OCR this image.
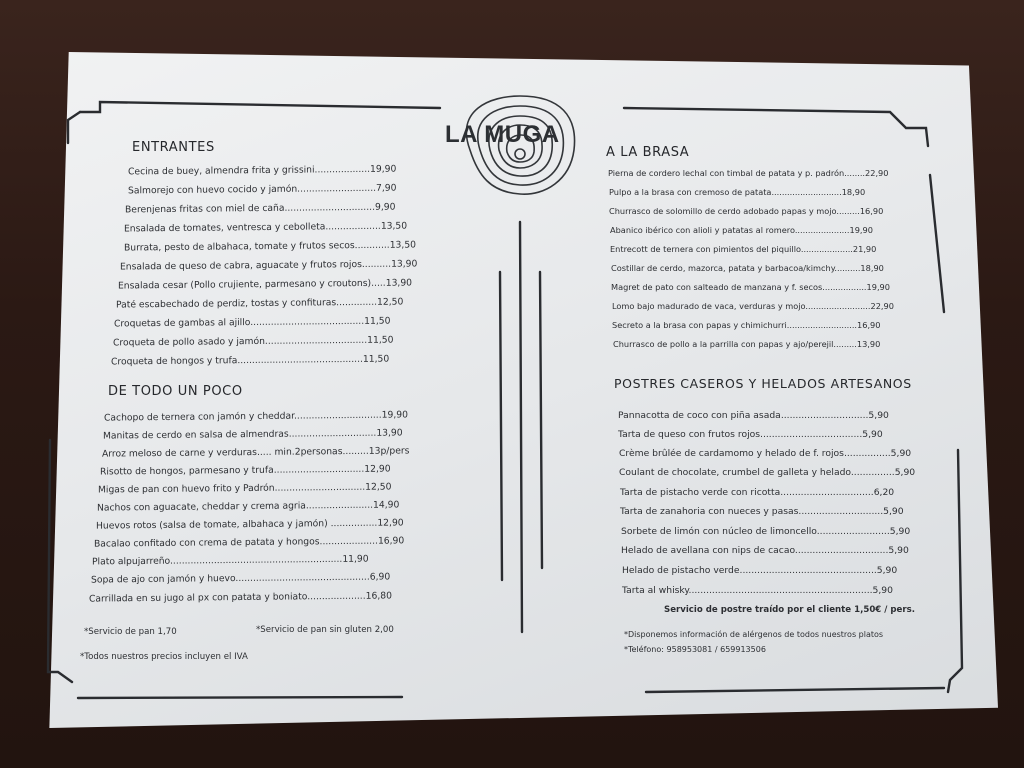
LA MUGA
ENTRANTES
Cecina de buey, almendra frita y grissini...................19,90
Salmorejo con huevo cocido y jamón...........................7,90
Berenjenas fritas con miel de caña...............................9,90
Ensalada de tomates, ventresca y cebolleta...................13,50
Burrata, pesto de albahaca, tomate y frutos secos............13,50
Ensalada de queso de cabra, aguacate y frutos rojos..........13,90
Ensalada cesar (Pollo crujiente, parmesano y croutons).....13,90
Paté escabechado de perdiz, tostas y confituras..............12,50
Croquetas de gambas al ajillo.......................................11,50
Croqueta de pollo asado y jamón...................................11,50
Croqueta de hongos y trufa...........................................11,50
DE TODO UN POCO
Cachopo de ternera con jamón y cheddar..............................19,90
Manitas de cerdo en salsa de almendras..............................13,90
Arroz meloso de carne y verduras..... min.2personas.........13p/pers
Risotto de hongos, parmesano y trufa...............................12,90
Migas de pan con huevo frito y Padrón...............................12,50
Nachos con aguacate, cheddar y crema agria.......................14,90
Huevos rotos (salsa de tomate, albahaca y jamón) ................12,90
Bacalao confitado con crema de patata y hongos....................16,90
Plato alpujarreño...........................................................11,90
Sopa de ajo con jamón y huevo..............................................6,90
Carrillada en su jugo al px con patata y boniato....................16,80
*Servicio de pan 1,70	*Servicio de pan sin gluten 2,00
*Todos nuestros precios incluyen el IVA
A LA BRASA
Pierna de cordero lechal con timbal de patata y p. padrón........22,90
Pulpo a la brasa con cremoso de patata...........................18,90
Churrasco de solomillo de cerdo adobado papas y mojo.........16,90
Abanico ibérico con alioli y patatas al romero.....................19,90
Entrecott de ternera con pimientos del piquillo....................21,90
Costillar de cerdo, mazorca, patata y barbacoa/kimchy..........18,90
Magret de pato con salteado de manzana y f. secos.................19,90
Lomo bajo madurado de vaca, verduras y mojo.........................22,90
Secreto a la brasa con papas y chimichurri...........................16,90
Churrasco de pollo a la parrilla con papas y ajo/perejil.........13,90
POSTRES CASEROS Y HELADOS ARTESANOS
Pannacotta de coco con piña asada..............................5,90
Tarta de queso con frutos rojos...................................5,90
Crème brûlée de cardamomo y helado de f. rojos................5,90
Coulant de chocolate, crumbel de galleta y helado...............5,90
Tarta de pistacho verde con ricotta................................6,20
Tarta de zanahoria con nueces y pasas.............................5,90
Sorbete de limón con núcleo de limoncello.........................5,90
Helado de avellana con nips de cacao................................5,90
Helado de pistacho verde...............................................5,90
Tarta al whisky...............................................................5,90
Servicio de postre traído por el cliente 1,50€ / pers.
*Disponemos información de alérgenos de todos nuestros platos
*Teléfono: 958953081 / 659913506
